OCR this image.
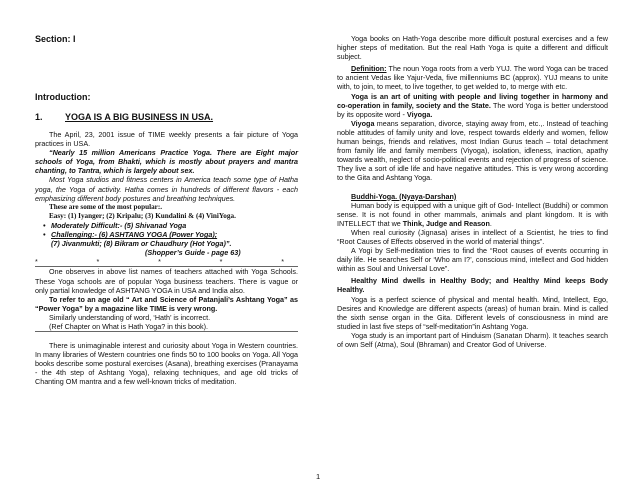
Section: I
Introduction:
1. YOGA IS A BIG BUSINESS IN USA.

The April, 23, 2001 issue of TIME weekly presents a fair picture of Yoga practices in USA.

“Nearly 15 million Americans Practice Yoga. There are Eight major schools of Yoga, from Bhakti, which is mostly about prayers and mantra chanting, to Tantra, which is largely about sex.

Most Yoga studios and fitness centers in America teach some type of Hatha yoga, the Yoga of activity. Hatha comes in hundreds of different flavors - each emphasizing different body postures and breathing techniques.

These are some of the most popular:.

Easy: (1) Iyanger; (2) Kripalu; (3) Kundalini & (4) ViniYoga.

• Moderately Difficult:- (5) Shivanad Yoga
• Challenging:- (6) ASHTANG YOGA (Power Yoga);

(7) Jivanmukti; (8) Bikram or Chaudhury (Hot Yoga)”.

(Shopper’s Guide - page 63)

*	*	*	*	*

One observes in above list names of teachers attached with Yoga Schools. These Yoga schools are of popular Yoga business teachers. There is vague or only partial knowledge of ASHTANG YOGA in USA and India also.

To refer to an age old “ Art and Science of Patanjali’s Ashtang Yoga” as “Power Yoga” by a magazine like TIME is very wrong.

Similarly understanding of word, ‘Hath’ is incorrect.

(Ref Chapter on What is Hath Yoga? in this book).

There is unimaginable interest and curiosity about Yoga in Western countries. In many libraries of Western countries one finds 50 to 100 books on Yoga. All Yoga books describe some postural exercises (Asana), breathing exercises (Pranayama - the 4th step of Ashtang Yoga), relaxing techniques, and age old tricks of Chanting OM mantra and a few well-known tricks of meditation.

Yoga books on Hath-Yoga describe more difficult postural exercises and a few higher steps of meditation. But the real Hath Yoga is quite a different and difficult subject.

Definition: The noun Yoga roots from a verb YUJ. The word Yoga can be traced to ancient Vedas like Yajur-Veda, five millenniums BC (approx). YUJ means to unite with, to join, to meet, to live together, to get welded to, to merge with etc.

Yoga is an art of uniting with people and living together in harmony and co-operation in family, society and the State. The word Yoga is better understood by its opposite word - Viyoga.

Viyoga means separation, divorce, staying away from, etc.,. Instead of teaching noble attitudes of family unity and love, respect towards elderly and women, fellow human beings, friends and relatives, most Indian Gurus teach – total detachment from family life and family members (Viyoga), isolation, idleness, inaction, apathy towards wealth, neglect of socio-political events and rejection of progress of science. They live a sort of idle life and have negative attitudes. This is very wrong according to the Gita and Ashtang Yoga.

Buddhi-Yoga. (Nyaya-Darshan)

Human body is equipped with a unique gift of God- Intellect (Buddhi) or common sense. It is not found in other mammals, animals and plant kingdom. It is with INTELLECT that we Think, Judge and Reason.

When real curiosity (Jignasa) arises in intellect of a Scientist, he tries to find “Root Causes of Effects observed in the world of material things”.

A Yogi by Self-meditation tries to find the “Root causes of events occurring in daily life. He searches Self or ‘Who am I?’, conscious mind, intellect and God hidden within as Soul and Universal Love”.

Healthy Mind dwells in Healthy Body; and Healthy Mind keeps Body Healthy.

Yoga is a perfect science of physical and mental health. Mind, Intellect, Ego, Desires and Knowledge are different aspects (areas) of human brain. Mind is called the sixth sense organ in the Gita. Different levels of consciousness in mind are studied in last five steps of “self-meditation”in Ashtang Yoga.

Yoga study is an important part of Hinduism (Sanatan Dharm). It teaches search of own Self (Atma), Soul (Bhraman) and Creator God of Universe.

1
